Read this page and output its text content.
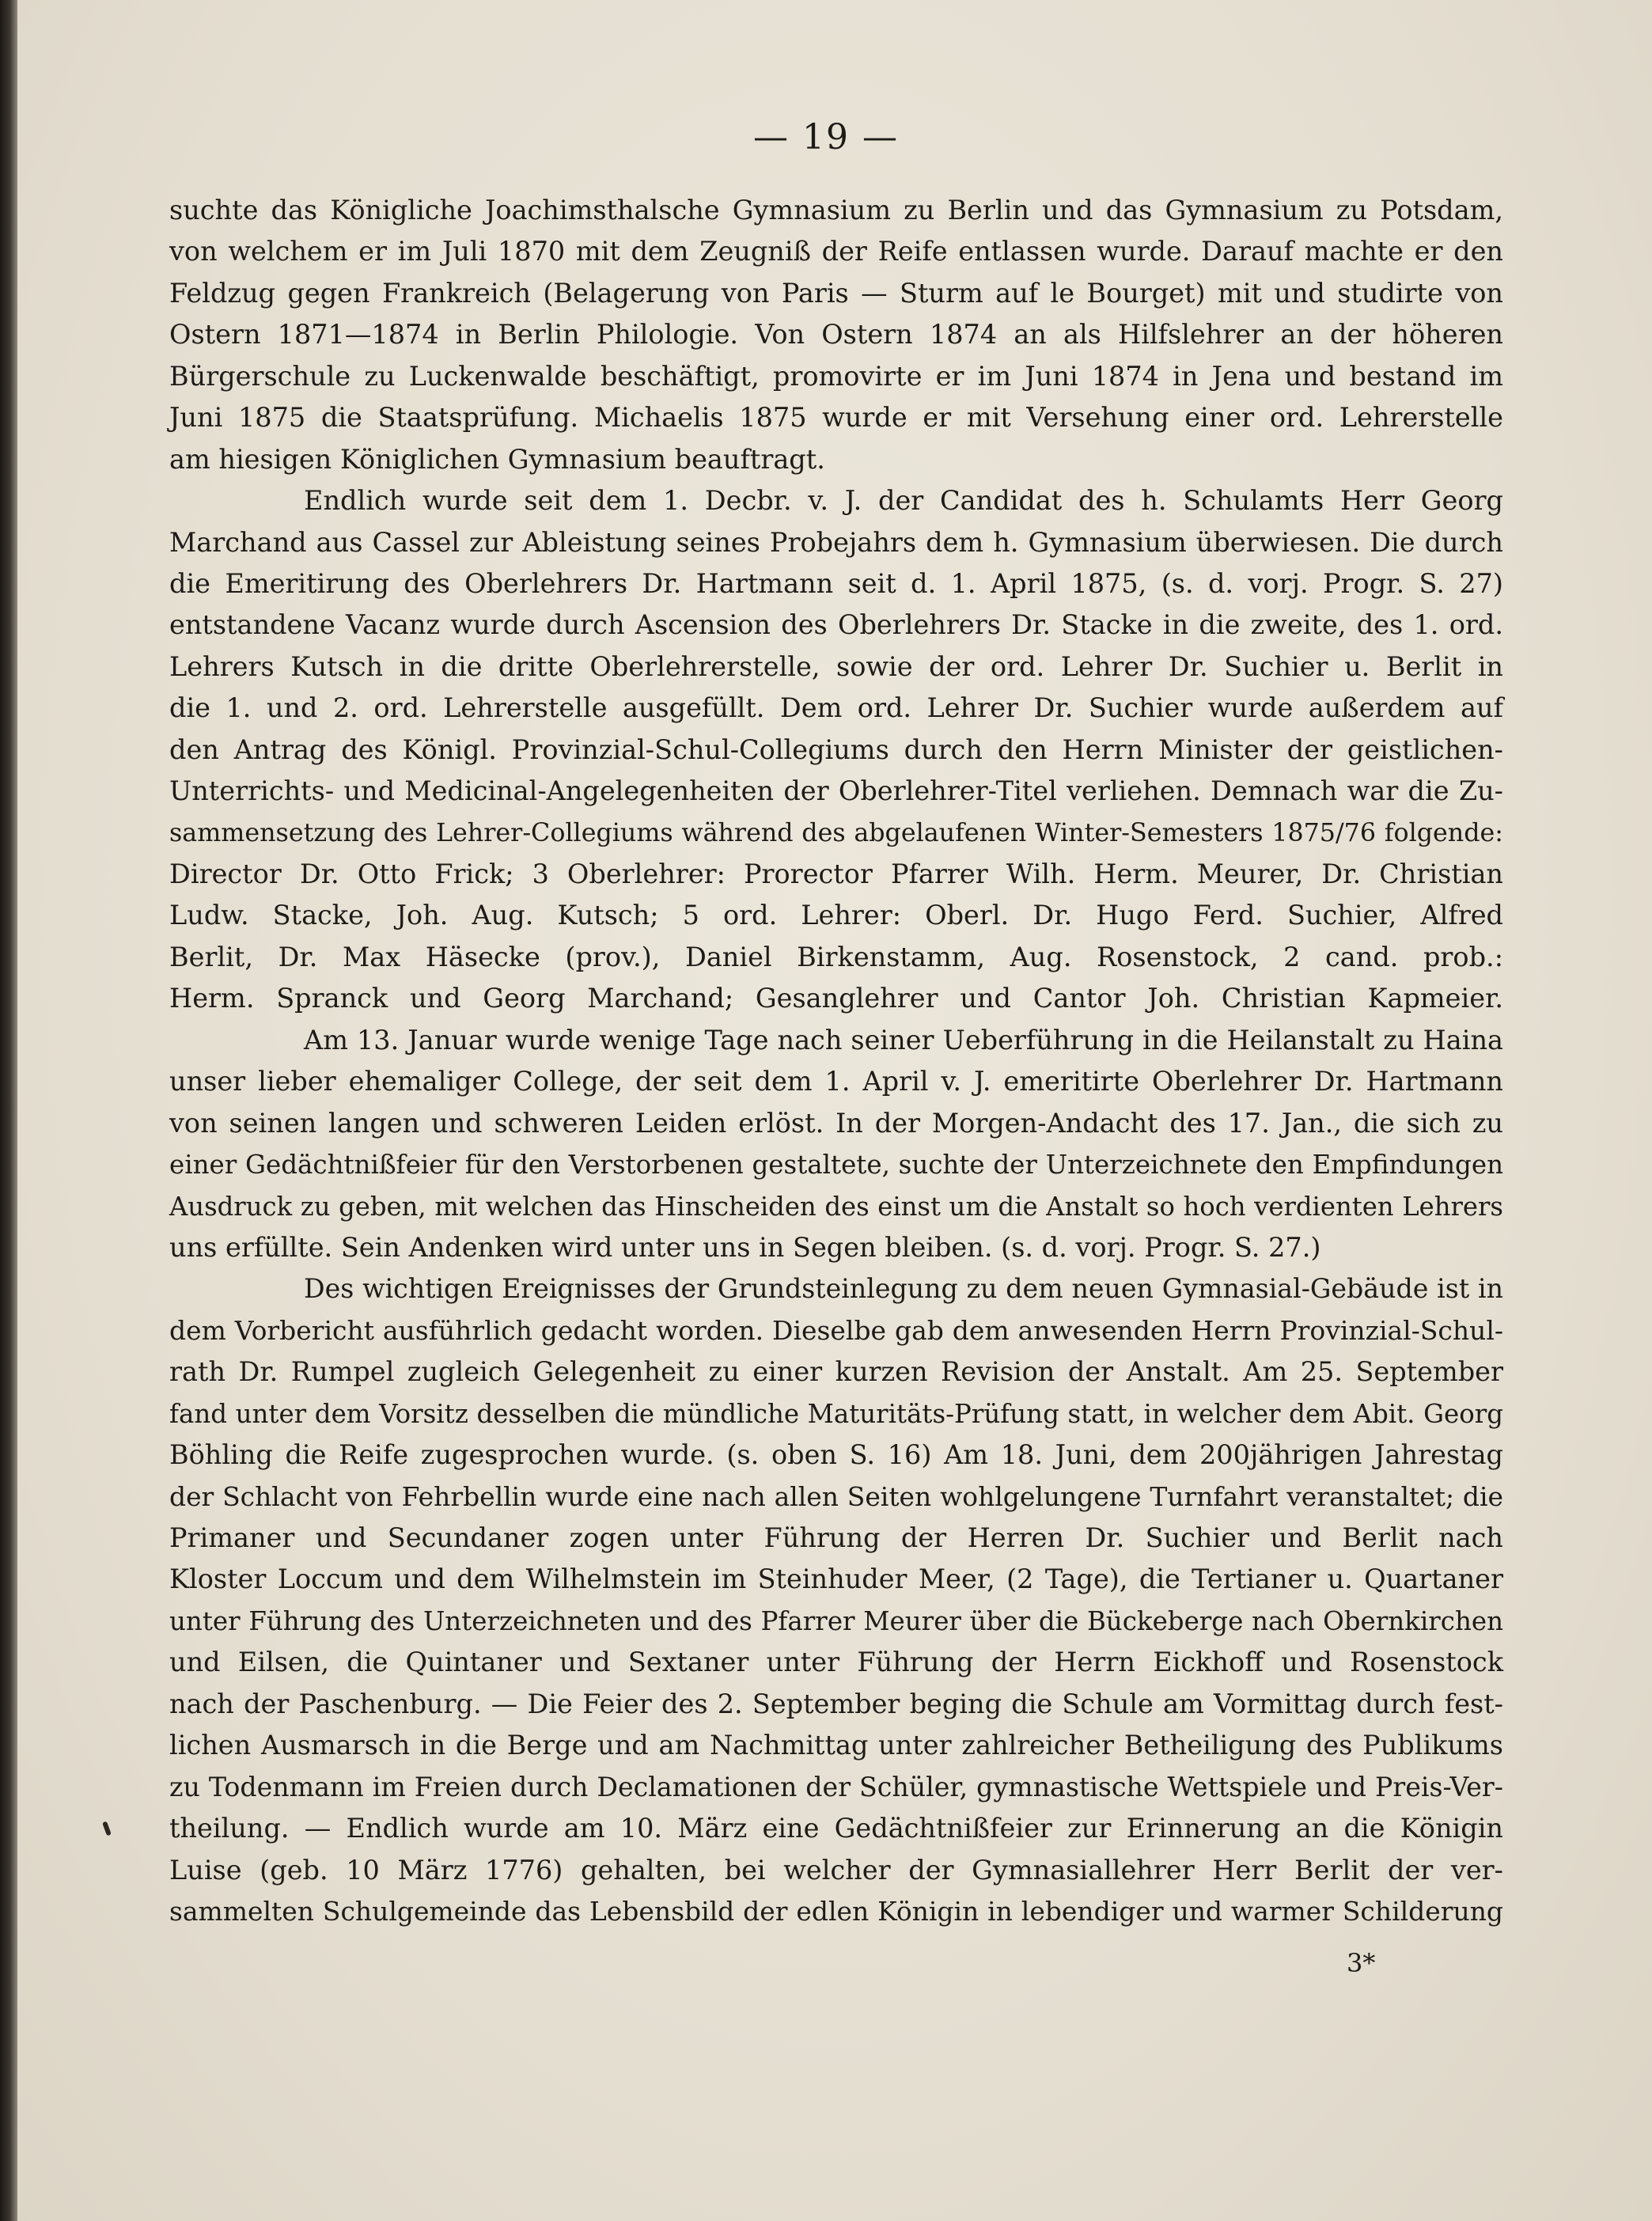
— 19 —
suchte das Königliche Joachimsthalsche Gymnasium zu Berlin und das Gymnasium zu Potsdam,
von welchem er im Juli 1870 mit dem Zeugniß der Reife entlassen wurde. Darauf machte er den
Feldzug gegen Frankreich (Belagerung von Paris — Sturm auf le Bourget) mit und studirte von
Ostern 1871—1874 in Berlin Philologie. Von Ostern 1874 an als Hilfslehrer an der höheren
Bürgerschule zu Luckenwalde beschäftigt, promovirte er im Juni 1874 in Jena und bestand im
Juni 1875 die Staatsprüfung. Michaelis 1875 wurde er mit Versehung einer ord. Lehrerstelle
am hiesigen Königlichen Gymnasium beauftragt.
Endlich wurde seit dem 1. Decbr. v. J. der Candidat des h. Schulamts Herr Georg
Marchand aus Cassel zur Ableistung seines Probejahrs dem h. Gymnasium überwiesen. Die durch
die Emeritirung des Oberlehrers Dr. Hartmann seit d. 1. April 1875, (s. d. vorj. Progr. S. 27)
entstandene Vacanz wurde durch Ascension des Oberlehrers Dr. Stacke in die zweite, des 1. ord.
Lehrers Kutsch in die dritte Oberlehrerstelle, sowie der ord. Lehrer Dr. Suchier u. Berlit in
die 1. und 2. ord. Lehrerstelle ausgefüllt. Dem ord. Lehrer Dr. Suchier wurde außerdem auf
den Antrag des Königl. Provinzial-Schul-Collegiums durch den Herrn Minister der geistlichen-
Unterrichts- und Medicinal-Angelegenheiten der Oberlehrer-Titel verliehen. Demnach war die Zu-
sammensetzung des Lehrer-Collegiums während des abgelaufenen Winter-Semesters 1875/76 folgende:
Director Dr. Otto Frick; 3 Oberlehrer: Prorector Pfarrer Wilh. Herm. Meurer, Dr. Christian
Ludw. Stacke, Joh. Aug. Kutsch; 5 ord. Lehrer: Oberl. Dr. Hugo Ferd. Suchier, Alfred
Berlit, Dr. Max Häsecke (prov.), Daniel Birkenstamm, Aug. Rosenstock, 2 cand. prob.:
Herm. Spranck und Georg Marchand; Gesanglehrer und Cantor Joh. Christian Kapmeier.
Am 13. Januar wurde wenige Tage nach seiner Ueberführung in die Heilanstalt zu Haina
unser lieber ehemaliger College, der seit dem 1. April v. J. emeritirte Oberlehrer Dr. Hartmann
von seinen langen und schweren Leiden erlöst. In der Morgen-Andacht des 17. Jan., die sich zu
einer Gedächtnißfeier für den Verstorbenen gestaltete, suchte der Unterzeichnete den Empfindungen
Ausdruck zu geben, mit welchen das Hinscheiden des einst um die Anstalt so hoch verdienten Lehrers
uns erfüllte. Sein Andenken wird unter uns in Segen bleiben. (s. d. vorj. Progr. S. 27.)
Des wichtigen Ereignisses der Grundsteinlegung zu dem neuen Gymnasial-Gebäude ist in
dem Vorbericht ausführlich gedacht worden. Dieselbe gab dem anwesenden Herrn Provinzial-Schul-
rath Dr. Rumpel zugleich Gelegenheit zu einer kurzen Revision der Anstalt. Am 25. September
fand unter dem Vorsitz desselben die mündliche Maturitäts-Prüfung statt, in welcher dem Abit. Georg
Böhling die Reife zugesprochen wurde. (s. oben S. 16) Am 18. Juni, dem 200jährigen Jahrestag
der Schlacht von Fehrbellin wurde eine nach allen Seiten wohlgelungene Turnfahrt veranstaltet; die
Primaner und Secundaner zogen unter Führung der Herren Dr. Suchier und Berlit nach
Kloster Loccum und dem Wilhelmstein im Steinhuder Meer, (2 Tage), die Tertianer u. Quartaner
unter Führung des Unterzeichneten und des Pfarrer Meurer über die Bückeberge nach Obernkirchen
und Eilsen, die Quintaner und Sextaner unter Führung der Herrn Eickhoff und Rosenstock
nach der Paschenburg. — Die Feier des 2. September beging die Schule am Vormittag durch fest-
lichen Ausmarsch in die Berge und am Nachmittag unter zahlreicher Betheiligung des Publikums
zu Todenmann im Freien durch Declamationen der Schüler, gymnastische Wettspiele und Preis-Ver-
theilung. — Endlich wurde am 10. März eine Gedächtnißfeier zur Erinnerung an die Königin
Luise (geb. 10 März 1776) gehalten, bei welcher der Gymnasiallehrer Herr Berlit der ver-
sammelten Schulgemeinde das Lebensbild der edlen Königin in lebendiger und warmer Schilderung
3*
